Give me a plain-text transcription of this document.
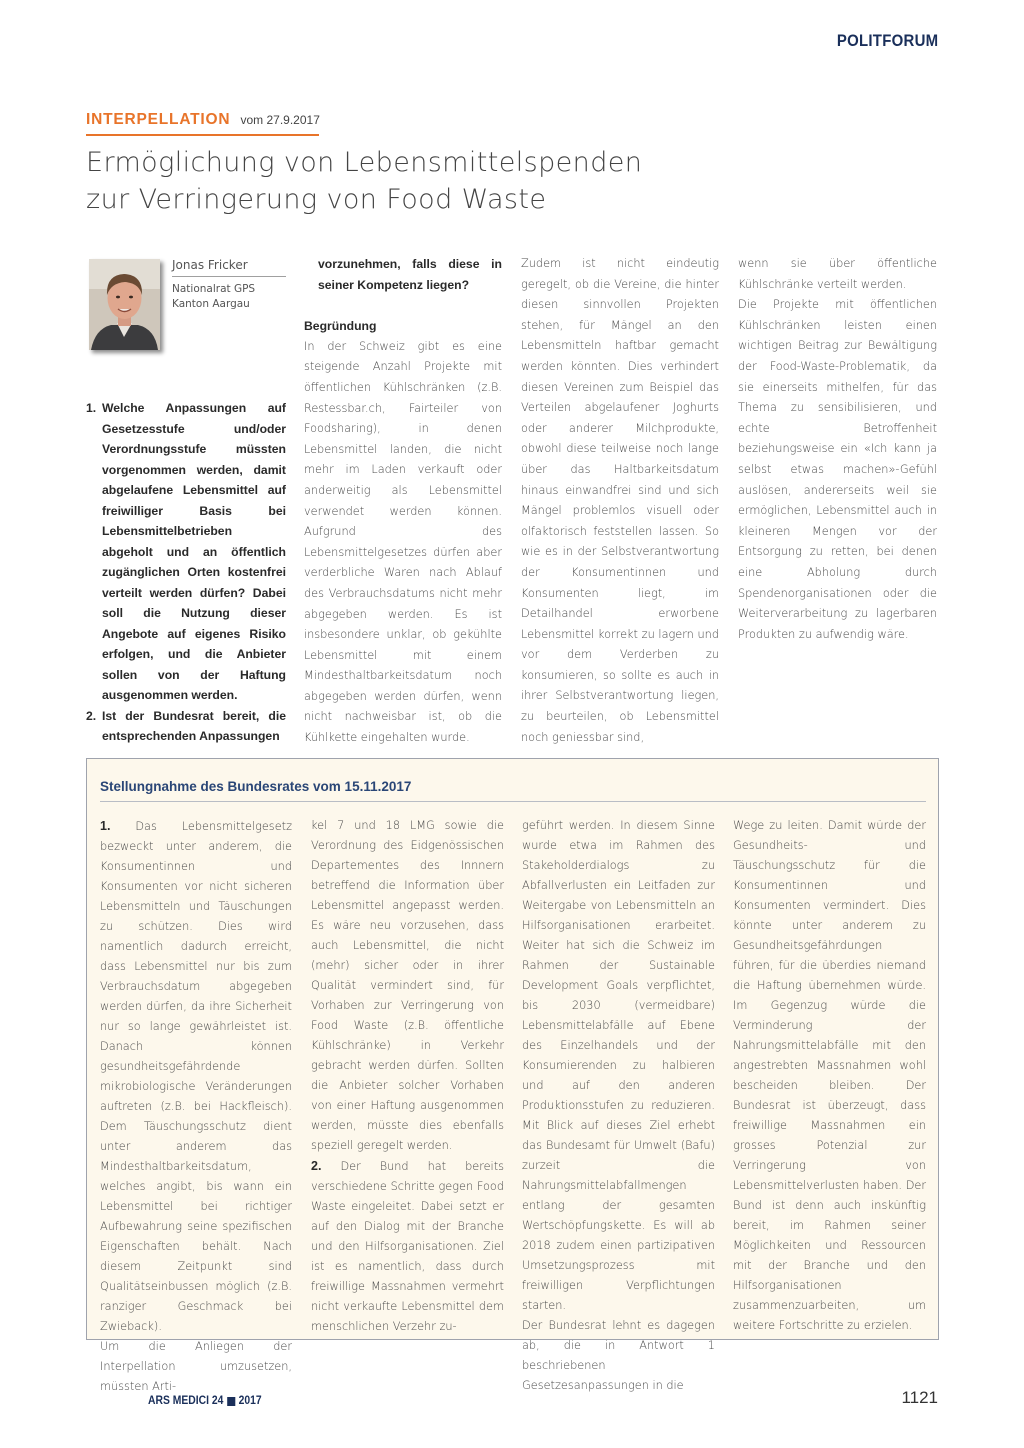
POLITFORUM
INTERPELLATION vom 27.9.2017
Ermöglichung von Lebensmittelspenden
zur Verringerung von Food Waste
Jonas Fricker
Nationalrat GPS
Kanton Aargau
1. Welche Anpassungen auf Gesetzesstufe und/oder Verordnungsstufe müssten vorgenommen werden, damit abgelaufene Lebensmittel auf freiwilliger Basis bei Lebensmittelbetrieben abgeholt und an öffentlich zugänglichen Orten kostenfrei verteilt werden dürfen? Dabei soll die Nutzung dieser Angebote auf eigenes Risiko erfolgen, und die Anbieter sollen von der Haftung ausgenommen werden.
2. Ist der Bundesrat bereit, die entsprechenden Anpassungen

vorzunehmen, falls diese in seiner Kompetenz liegen?

Begründung

In der Schweiz gibt es eine steigende Anzahl Projekte mit öffentlichen Kühlschränken (z.B. Restessbar.ch, Fairteiler von Foodsharing), in denen Lebensmittel landen, die nicht mehr im Laden verkauft oder anderweitig als Lebensmittel verwendet werden können. Aufgrund des Lebensmittelgesetzes dürfen aber verderbliche Waren nach Ablauf des Verbrauchsdatums nicht mehr abgegeben werden. Es ist insbesondere unklar, ob gekühlte Lebensmittel mit einem Mindesthaltbarkeitsdatum noch abgegeben werden dürfen, wenn nicht nachweisbar ist, ob die Kühlkette eingehalten wurde.

Zudem ist nicht eindeutig geregelt, ob die Vereine, die hinter diesen sinnvollen Projekten stehen, für Mängel an den Lebensmitteln haftbar gemacht werden könnten. Dies verhindert diesen Vereinen zum Beispiel das Verteilen abgelaufener Joghurts oder anderer Milchprodukte, obwohl diese teilweise noch lange über das Haltbarkeitsdatum hinaus einwandfrei sind und sich Mängel problemlos visuell oder olfaktorisch feststellen lassen. So wie es in der Selbstverantwortung der Konsumentinnen und Konsumenten liegt, im Detailhandel erworbene Lebensmittel korrekt zu lagern und vor dem Verderben zu konsumieren, so sollte es auch in ihrer Selbstverantwortung liegen, zu beurteilen, ob Lebensmittel noch geniessbar sind,

wenn sie über öffentliche Kühlschränke verteilt werden.

Die Projekte mit öffentlichen Kühlschränken leisten einen wichtigen Beitrag zur Bewältigung der Food-Waste-Problematik, da sie einerseits mithelfen, für das Thema zu sensibilisieren, und echte Betroffenheit beziehungsweise ein «Ich kann ja selbst etwas machen»-Gefühl auslösen, andererseits weil sie ermöglichen, Lebensmittel auch in kleineren Mengen vor der Entsorgung zu retten, bei denen eine Abholung durch Spendenorganisationen oder die Weiterverarbeitung zu lagerbaren Produkten zu aufwendig wäre.

Stellungnahme des Bundesrates vom 15.11.2017

1. Das Lebensmittelgesetz bezweckt unter anderem, die Konsumentinnen und Konsumenten vor nicht sicheren Lebensmitteln und Täuschungen zu schützen. Dies wird namentlich dadurch erreicht, dass Lebensmittel nur bis zum Verbrauchsdatum abgegeben werden dürfen, da ihre Sicherheit nur so lange gewährleistet ist. Danach können gesundheitsgefährdende mikrobiologische Veränderungen auftreten (z.B. bei Hackfleisch). Dem Täuschungsschutz dient unter anderem das Mindesthaltbarkeitsdatum, welches angibt, bis wann ein Lebensmittel bei richtiger Aufbewahrung seine spezifischen Eigenschaften behält. Nach diesem Zeitpunkt sind Qualitätseinbussen möglich (z.B. ranziger Geschmack bei Zwieback).

Um die Anliegen der Interpellation umzusetzen, müssten Arti-

kel 7 und 18 LMG sowie die Verordnung des Eidgenössischen Departementes des Innnern betreffend die Information über Lebensmittel angepasst werden. Es wäre neu vorzusehen, dass auch Lebensmittel, die nicht (mehr) sicher oder in ihrer Qualität vermindert sind, für Vorhaben zur Verringerung von Food Waste (z.B. öffentliche Kühlschränke) in Verkehr gebracht werden dürfen. Sollten die Anbieter solcher Vorhaben von einer Haftung ausgenommen werden, müsste dies ebenfalls speziell geregelt werden.

2. Der Bund hat bereits verschiedene Schritte gegen Food Waste eingeleitet. Dabei setzt er auf den Dialog mit der Branche und den Hilfsorganisationen. Ziel ist es namentlich, dass durch freiwillige Massnahmen vermehrt nicht verkaufte Lebensmittel dem menschlichen Verzehr zu-

geführt werden. In diesem Sinne wurde etwa im Rahmen des Stakeholderdialogs zu Abfallverlusten ein Leitfaden zur Weitergabe von Lebensmitteln an Hilfsorganisationen erarbeitet. Weiter hat sich die Schweiz im Rahmen der Sustainable Development Goals verpflichtet, bis 2030 (vermeidbare) Lebensmittelabfälle auf Ebene des Einzelhandels und der Konsumierenden zu halbieren und auf den anderen Produktionsstufen zu reduzieren. Mit Blick auf dieses Ziel erhebt das Bundesamt für Umwelt (Bafu) zurzeit die Nahrungsmittelabfallmengen entlang der gesamten Wertschöpfungskette. Es will ab 2018 zudem einen partizipativen Umsetzungsprozess mit freiwilligen Verpflichtungen starten.

Der Bundesrat lehnt es dagegen ab, die in Antwort 1 beschriebenen Gesetzesanpassungen in die

Wege zu leiten. Damit würde der Gesundheits- und Täuschungsschutz für die Konsumentinnen und Konsumenten vermindert. Dies könnte unter anderem zu Gesundheitsgefährdungen führen, für die überdies niemand die Haftung übernehmen würde. Im Gegenzug würde die Verminderung der Nahrungsmittelabfälle mit den angestrebten Massnahmen wohl bescheiden bleiben. Der Bundesrat ist überzeugt, dass freiwillige Massnahmen ein grosses Potenzial zur Verringerung von Lebensmittelverlusten haben. Der Bund ist denn auch inskünftig bereit, im Rahmen seiner Möglichkeiten und Ressourcen mit der Branche und den Hilfsorganisationen zusammenzuarbeiten, um weitere Fortschritte zu erzielen.

ARS MEDICI 24 2017	1121
